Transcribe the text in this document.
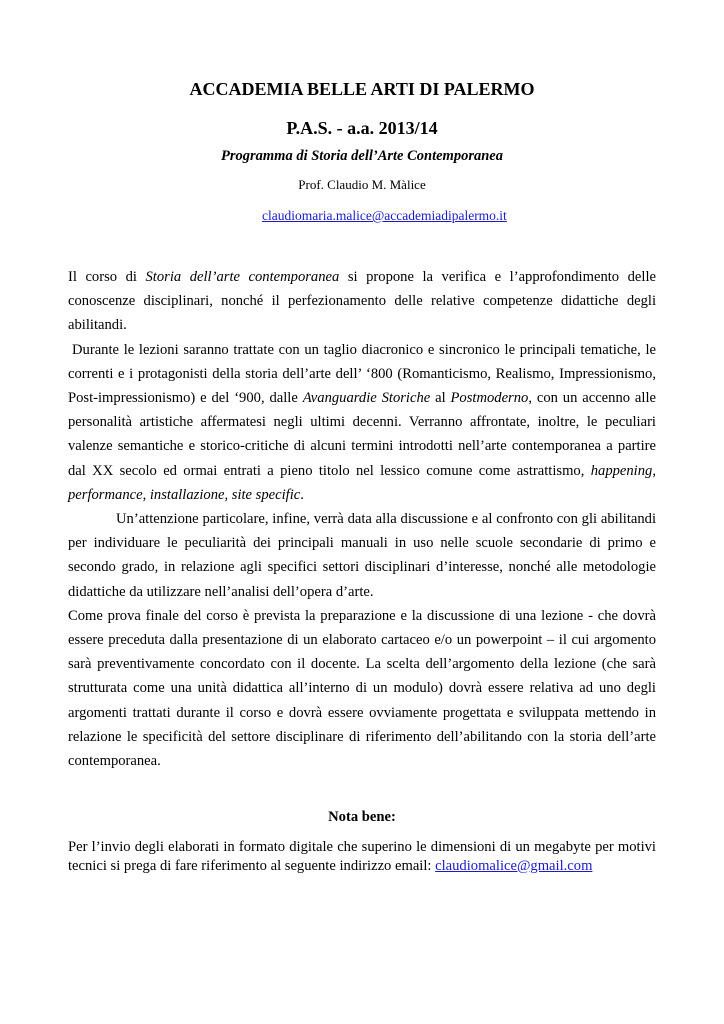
ACCADEMIA BELLE ARTI DI PALERMO
P.A.S. - a.a. 2013/14
Programma di Storia dell’Arte Contemporanea
Prof. Claudio M. Màlice
claudiomaria.malice@accademiadipalermo.it

Il corso di Storia dell’arte contemporanea si propone la verifica e l’approfondimento delle conoscenze disciplinari, nonché il perfezionamento delle relative competenze didattiche degli abilitandi.

Durante le lezioni saranno trattate con un taglio diacronico e sincronico le principali tematiche, le correnti e i protagonisti della storia dell’arte dell’ ‘800 (Romanticismo, Realismo, Impressionismo, Post-impressionismo) e del ‘900, dalle Avanguardie Storiche al Postmoderno, con un accenno alle personalità artistiche affermatesi negli ultimi decenni. Verranno affrontate, inoltre, le peculiari valenze semantiche e storico-critiche di alcuni termini introdotti nell’arte contemporanea a partire dal XX secolo ed ormai entrati a pieno titolo nel lessico comune come astrattismo, happening, performance, installazione, site specific.

Un’attenzione particolare, infine, verrà data alla discussione e al confronto con gli abilitandi per individuare le peculiarità dei principali manuali in uso nelle scuole secondarie di primo e secondo grado, in relazione agli specifici settori disciplinari d’interesse, nonché alle metodologie didattiche da utilizzare nell’analisi dell’opera d’arte.

Come prova finale del corso è prevista la preparazione e la discussione di una lezione - che dovrà essere preceduta dalla presentazione di un elaborato cartaceo e/o un powerpoint – il cui argomento sarà preventivamente concordato con il docente. La scelta dell’argomento della lezione (che sarà strutturata come una unità didattica all’interno di un modulo) dovrà essere relativa ad uno degli argomenti trattati durante il corso e dovrà essere ovviamente progettata e sviluppata mettendo in relazione le specificità del settore disciplinare di riferimento dell’abilitando con la storia dell’arte contemporanea.

Nota bene:

Per l’invio degli elaborati in formato digitale che superino le dimensioni di un megabyte per motivi tecnici si prega di fare riferimento al seguente indirizzo email: claudiomalice@gmail.com
